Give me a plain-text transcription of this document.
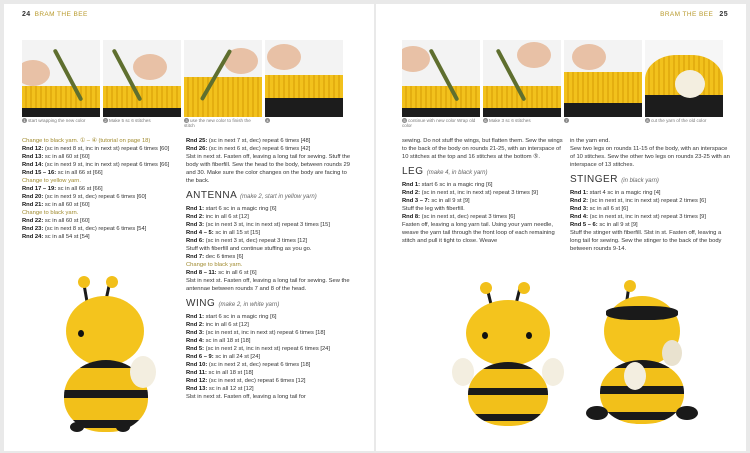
24 BRAM THE BEE
1 start wrapping the new color	2 Make 5 sc 6 stitches	3 use the new color to finish the stitch
4
Change to black yarn. ① – ④ (tutorial on page 18)
Rnd 12: (sc in next 8 st, inc in next st) repeat 6 times [60]
Rnd 13: sc in all 60 st [60]
Rnd 14: (sc in next 9 st, inc in next st) repeat 6 times [66]
Rnd 15 – 16: sc in all 66 st [66]
Change to yellow yarn.
Rnd 17 – 19: sc in all 66 st [66]
Rnd 20: (sc in next 9 st, dec) repeat 6 times [60]
Rnd 21: sc in all 60 st [60]
Change to black yarn.
Rnd 22: sc in all 60 st [60]
Rnd 23: (sc in next 8 st, dec) repeat 6 times [54]
Rnd 24: sc in all 54 st [54]
Rnd 25: (sc in next 7 st, dec) repeat 6 times [48]
Rnd 26: (sc in next 6 st, dec) repeat 6 times [42]
Slst in next st. Fasten off, leaving a long tail for sewing. Stuff the body with fiberfill. Sew the head to the body, between rounds 29 and 30. Make sure the color changes on the body are facing to the back.
ANTENNA (make 2, start in yellow yarn)
Rnd 1: start 6 sc in a magic ring [6]
Rnd 2: inc in all 6 st [12]
Rnd 3: (sc in next 3 st, inc in next st) repeat 3 times [15]
Rnd 4 – 5: sc in all 15 st [15]
Rnd 6: (sc in next 3 st, dec) repeat 3 times [12]
Stuff with fiberfill and continue stuffing as you go.
Rnd 7: dec 6 times [6]
Change to black yarn.
Rnd 8 – 11: sc in all 6 st [6]
Slst in next st. Fasten off, leaving a long tail for sewing. Sew the antennae between rounds 7 and 8 of the head.
WING (make 2, in white yarn)
Rnd 1: start 6 sc in a magic ring [6]
Rnd 2: inc in all 6 st [12]
Rnd 3: (sc in next st, inc in next st) repeat 6 times [18]
Rnd 4: sc in all 18 st [18]
Rnd 5: (sc in next 2 st, inc in next st) repeat 6 times [24]
Rnd 6 – 9: sc in all 24 st [24]
Rnd 10: (sc in next 2 st, dec) repeat 6 times [18]
Rnd 11: sc in all 18 st [18]
Rnd 12: (sc in next st, dec) repeat 6 times [12]
Rnd 13: sc in all 12 st [12]
Slst in next st. Fasten off, leaving a long tail for
BRAM THE BEE 25
5 continue with new color Wrap old color
6 Make 3 sc 6 stitches	7	8 cut the yarn of the old color
sewing. Do not stuff the wings, but flatten them. Sew the wings to the back of the body on rounds 21-25, with an interspace of 10 stitches at the top and 16 stitches at the bottom ⑤.
LEG (make 4, in black yarn)
Rnd 1: start 6 sc in a magic ring [6]
Rnd 2: (sc in next st, inc in next st) repeat 3 times [9]
Rnd 3 – 7: sc in all 9 st [9]
Stuff the leg with fiberfill.
Rnd 8: (sc in next st, dec) repeat 3 times [6]
Fasten off, leaving a long yarn tail. Using your yarn needle, weave the yarn tail through the front loop of each remaining stitch and pull it tight to close. Weave
in the yarn end.
Sew two legs on rounds 11-15 of the body, with an interspace of 10 stitches. Sew the other two legs on rounds 23-25 with an interspace of 13 stitches.
STINGER (in black yarn)
Rnd 1: start 4 sc in a magic ring [4]
Rnd 2: (sc in next st, inc in next st) repeat 2 times [6]
Rnd 3: sc in all 6 st [6]
Rnd 4: (sc in next st, inc in next st) repeat 3 times [9]
Rnd 5 – 6: sc in all 9 st [9]
Stuff the stinger with fiberfill. Slst in st. Fasten off, leaving a long tail for sewing. Sew the stinger to the back of the body between rounds 9-14.
